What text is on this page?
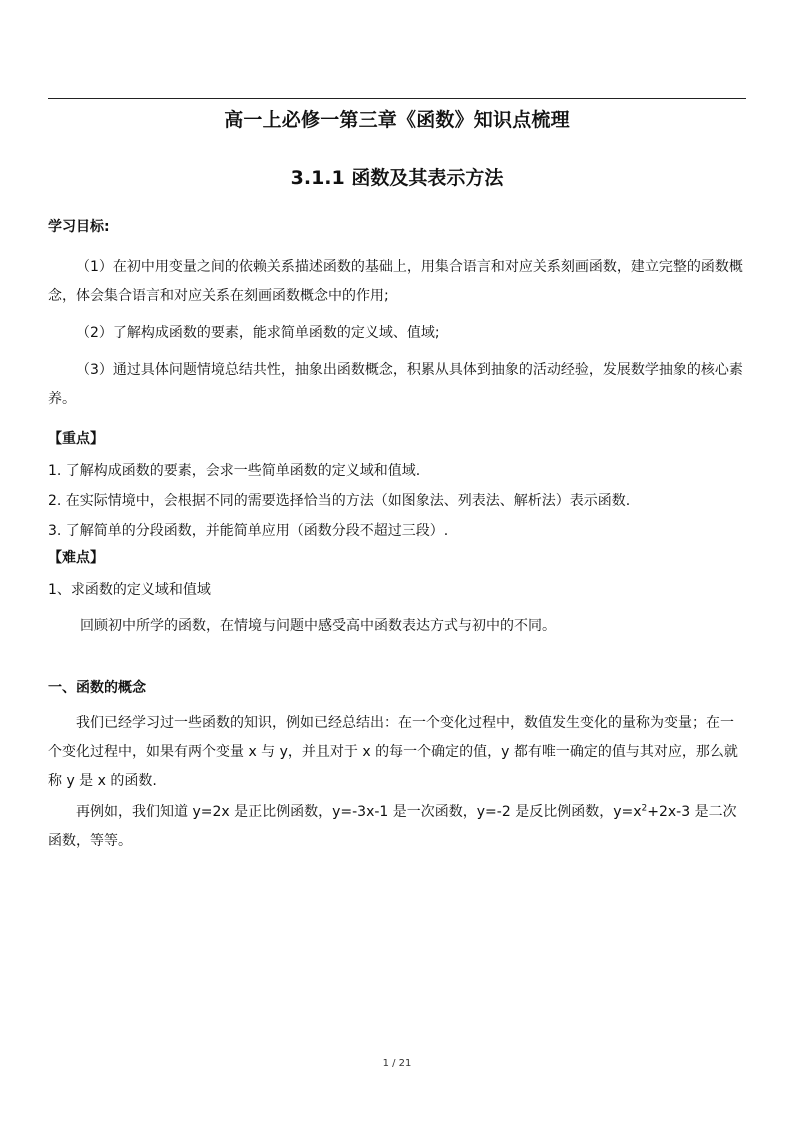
高一上必修一第三章《函数》知识点梳理
3.1.1 函数及其表示方法
学习目标:

（1）在初中用变量之间的依赖关系描述函数的基础上，用集合语言和对应关系刻画函数，建立完整的函数概念，体会集合语言和对应关系在刻画函数概念中的作用;

（2）了解构成函数的要素，能求简单函数的定义域、值域;

（3）通过具体问题情境总结共性，抽象出函数概念，积累从具体到抽象的活动经验，发展数学抽象的核心素养。

【重点】

1. 了解构成函数的要素，会求一些简单函数的定义域和值域.

2. 在实际情境中，会根据不同的需要选择恰当的方法（如图象法、列表法、解析法）表示函数.

3. 了解简单的分段函数，并能简单应用（函数分段不超过三段）.

【难点】

1、求函数的定义域和值域

回顾初中所学的函数，在情境与问题中感受高中函数表达方式与初中的不同。

一、函数的概念

我们已经学习过一些函数的知识，例如已经总结出：在一个变化过程中，数值发生变化的量称为变量；在一个变化过程中，如果有两个变量 x 与 y，并且对于 x 的每一个确定的值，y 都有唯一确定的值与其对应，那么就称 y 是 x 的函数.

再例如，我们知道 y=2x 是正比例函数，y=-3x-1 是一次函数，y=-2 是反比例函数，$y=x^2+2x-3$ 是二次函数，等等。

1 / 21
